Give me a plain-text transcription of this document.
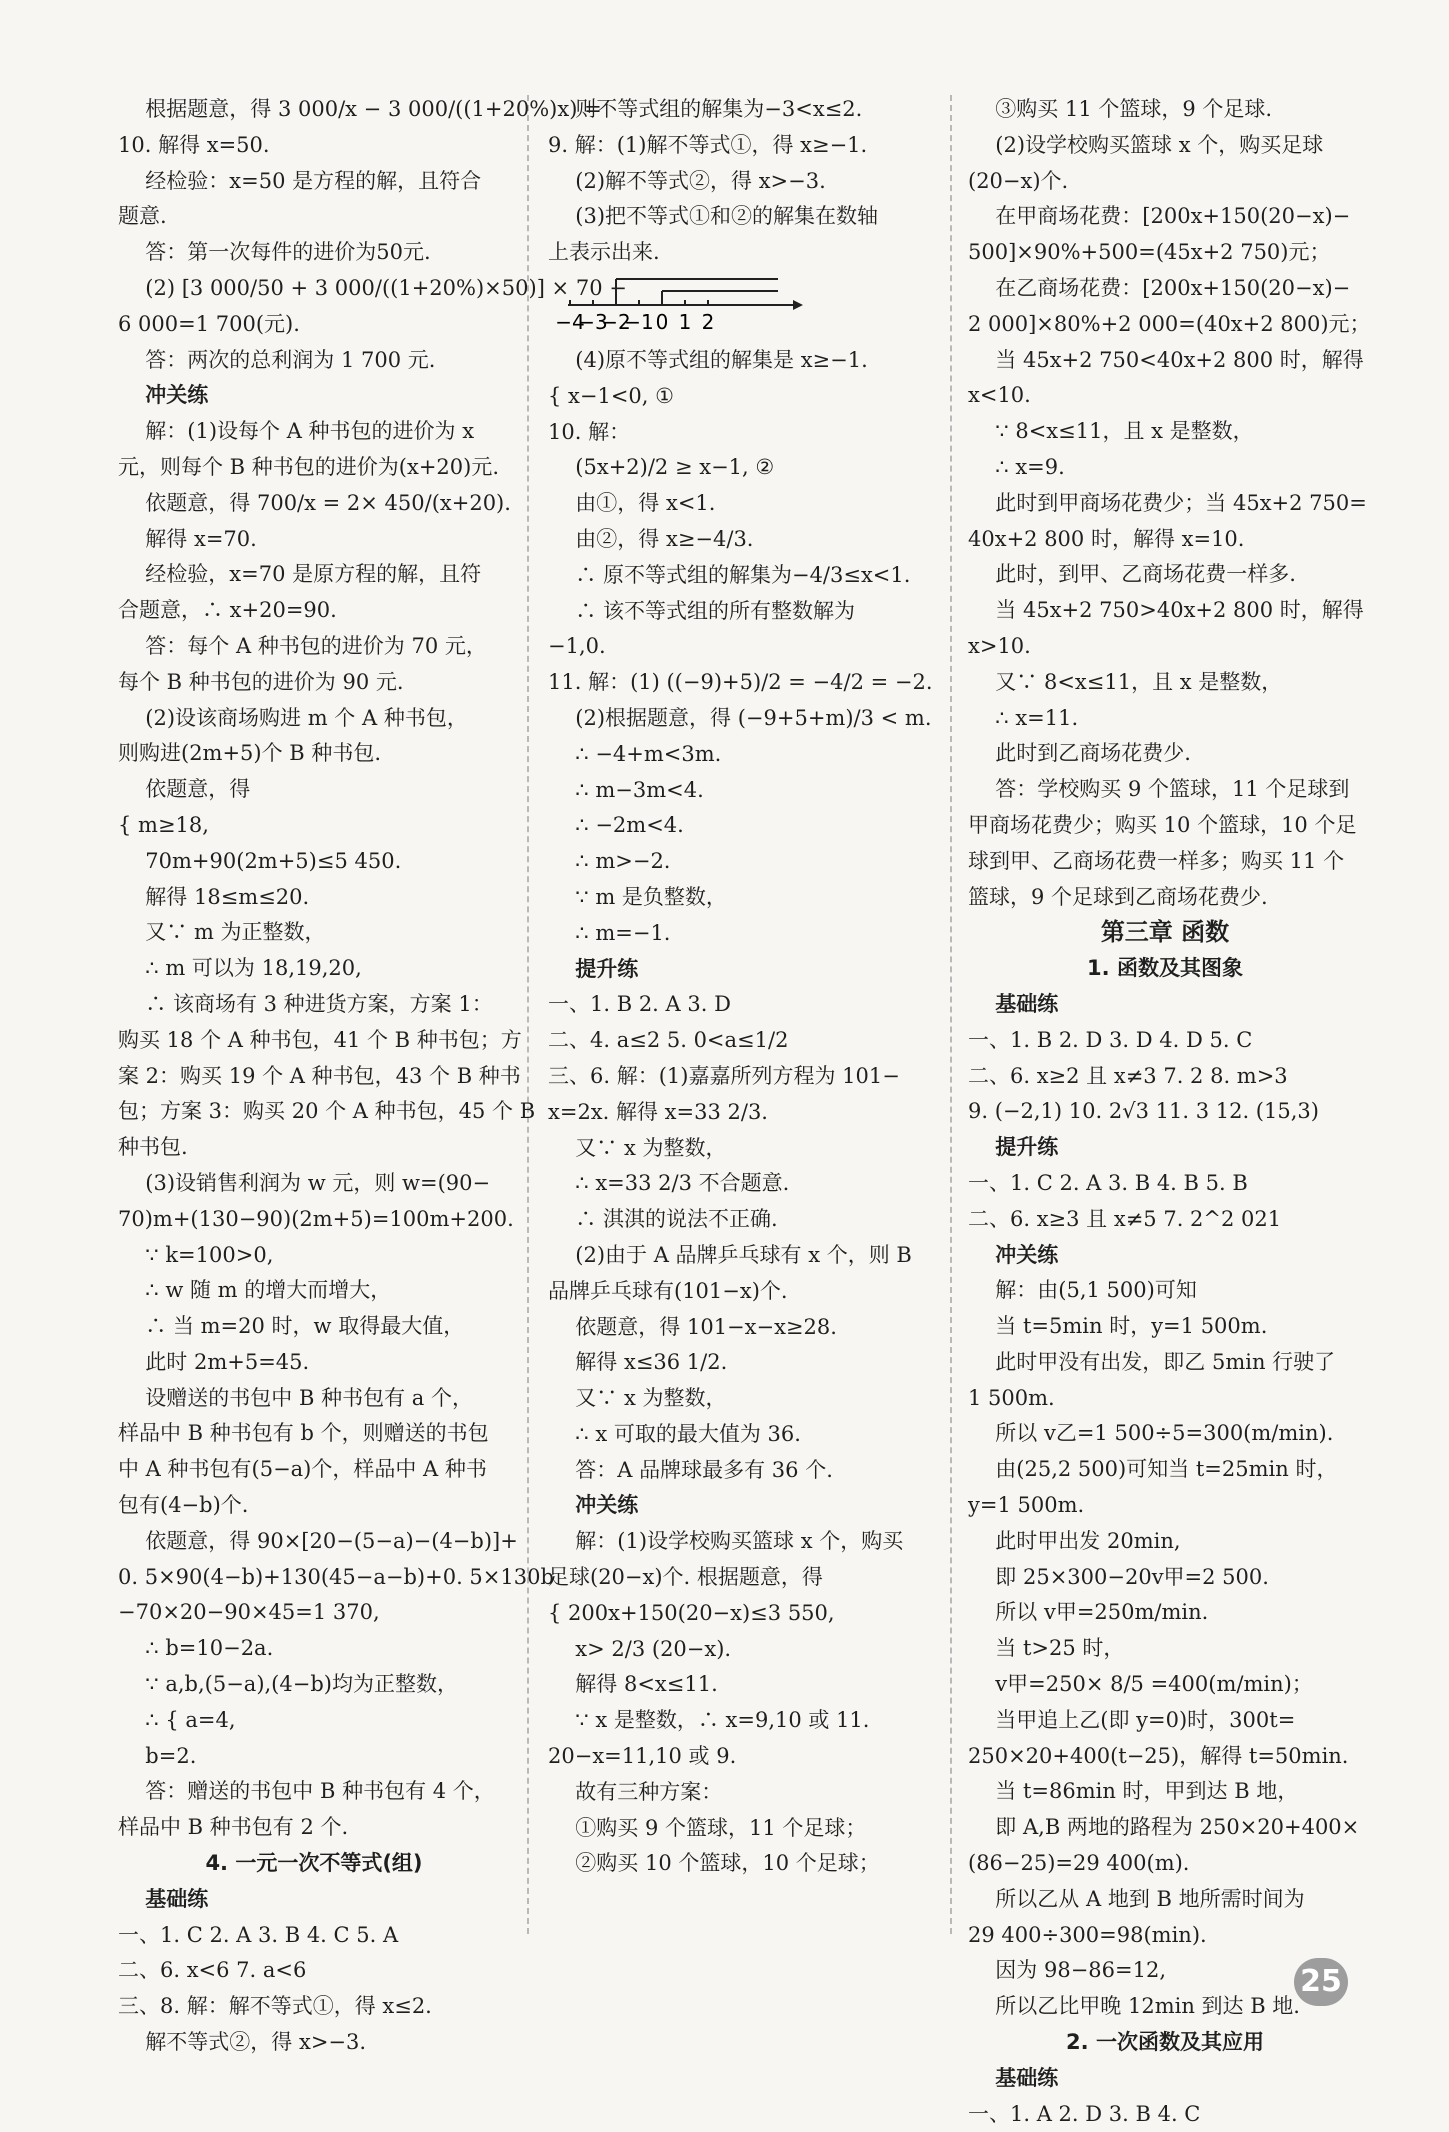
根据题意，得 3 000/x − 3 000/((1+20%)x) =
10. 解得 x=50.
经检验：x=50 是方程的解，且符合
题意.
答：第一次每件的进价为50元.
(2) [3 000/50 + 3 000/((1+20%)×50)] × 70 −
6 000=1 700(元).
答：两次的总利润为 1 700 元.
冲关练
解：(1)设每个 A 种书包的进价为 x
元，则每个 B 种书包的进价为(x+20)元.
依题意，得 700/x = 2× 450/(x+20).
解得 x=70.
经检验，x=70 是原方程的解，且符
合题意，∴ x+20=90.
答：每个 A 种书包的进价为 70 元，
每个 B 种书包的进价为 90 元.
(2)设该商场购进 m 个 A 种书包，
则购进(2m+5)个 B 种书包.
依题意，得
{ m≥18,
70m+90(2m+5)≤5 450.
解得 18≤m≤20.
又∵ m 为正整数，
∴ m 可以为 18,19,20,
∴ 该商场有 3 种进货方案，方案 1：
购买 18 个 A 种书包，41 个 B 种书包；方
案 2：购买 19 个 A 种书包，43 个 B 种书
包；方案 3：购买 20 个 A 种书包，45 个 B
种书包.
(3)设销售利润为 w 元，则 w=(90−
70)m+(130−90)(2m+5)=100m+200.
∵ k=100>0,
∴ w 随 m 的增大而增大，
∴ 当 m=20 时，w 取得最大值，
此时 2m+5=45.
设赠送的书包中 B 种书包有 a 个，
样品中 B 种书包有 b 个，则赠送的书包
中 A 种书包有(5−a)个，样品中 A 种书
包有(4−b)个.
依题意，得 90×[20−(5−a)−(4−b)]+
0. 5×90(4−b)+130(45−a−b)+0. 5×130b
−70×20−90×45=1 370,
∴ b=10−2a.
∵ a,b,(5−a),(4−b)均为正整数，
∴ { a=4,
b=2.
答：赠送的书包中 B 种书包有 4 个，
样品中 B 种书包有 2 个.
4. 一元一次不等式(组)
基础练
一、1. C 2. A 3. B 4. C 5. A
二、6. x<6 7. a<6
三、8. 解：解不等式①，得 x≤2.
解不等式②，得 x>−3.
则不等式组的解集为−3<x≤2.
9. 解：(1)解不等式①，得 x≥−1.
(2)解不等式②，得 x>−3.
(3)把不等式①和②的解集在数轴
上表示出来.
−4
−3
−2
−1 0 1 2
(4)原不等式组的解集是 x≥−1.
{ x−1<0, ①
10. 解：
(5x+2)/2 ≥ x−1, ②
由①，得 x<1.
由②，得 x≥−4/3.
∴ 原不等式组的解集为−4/3≤x<1.
∴ 该不等式组的所有整数解为
−1,0.
11. 解：(1) ((−9)+5)/2 = −4/2 = −2.
(2)根据题意，得 (−9+5+m)/3 < m.
∴ −4+m<3m.
∴ m−3m<4.
∴ −2m<4.
∴ m>−2.
∵ m 是负整数，
∴ m=−1.
提升练
一、1. B 2. A 3. D
二、4. a≤2 5. 0<a≤1/2
三、6. 解：(1)嘉嘉所列方程为 101−
x=2x. 解得 x=33 2/3.
又∵ x 为整数，
∴ x=33 2/3 不合题意.
∴ 淇淇的说法不正确.
(2)由于 A 品牌乒乓球有 x 个，则 B
品牌乒乓球有(101−x)个.
依题意，得 101−x−x≥28.
解得 x≤36 1/2.
又∵ x 为整数，
∴ x 可取的最大值为 36.
答：A 品牌球最多有 36 个.
冲关练
解：(1)设学校购买篮球 x 个，购买
足球(20−x)个. 根据题意，得
{ 200x+150(20−x)≤3 550,
x> 2/3 (20−x).
解得 8<x≤11.
∵ x 是整数，∴ x=9,10 或 11.
20−x=11,10 或 9.
故有三种方案：
①购买 9 个篮球，11 个足球；
②购买 10 个篮球，10 个足球；
③购买 11 个篮球，9 个足球.
(2)设学校购买篮球 x 个，购买足球
(20−x)个.
在甲商场花费：[200x+150(20−x)−
500]×90%+500=(45x+2 750)元；
在乙商场花费：[200x+150(20−x)−
2 000]×80%+2 000=(40x+2 800)元；
当 45x+2 750<40x+2 800 时，解得
x<10.
∵ 8<x≤11，且 x 是整数，
∴ x=9.
此时到甲商场花费少；当 45x+2 750=
40x+2 800 时，解得 x=10.
此时，到甲、乙商场花费一样多.
当 45x+2 750>40x+2 800 时，解得
x>10.
又∵ 8<x≤11，且 x 是整数，
∴ x=11.
此时到乙商场花费少.
答：学校购买 9 个篮球，11 个足球到
甲商场花费少；购买 10 个篮球，10 个足
球到甲、乙商场花费一样多；购买 11 个
篮球，9 个足球到乙商场花费少.
第三章 函数
1. 函数及其图象
基础练
一、1. B 2. D 3. D 4. D 5. C
二、6. x≥2 且 x≠3 7. 2 8. m>3
9. (−2,1) 10. 2√3 11. 3 12. (15,3)
提升练
一、1. C 2. A 3. B 4. B 5. B
二、6. x≥3 且 x≠5 7. 2^2 021
冲关练
解：由(5,1 500)可知
当 t=5min 时，y=1 500m.
此时甲没有出发，即乙 5min 行驶了
1 500m.
所以 v乙=1 500÷5=300(m/min).
由(25,2 500)可知当 t=25min 时，
y=1 500m.
此时甲出发 20min,
即 25×300−20v甲=2 500.
所以 v甲=250m/min.
当 t>25 时，
v甲=250× 8/5 =400(m/min)；
当甲追上乙(即 y=0)时，300t=
250×20+400(t−25)，解得 t=50min.
当 t=86min 时，甲到达 B 地，
即 A,B 两地的路程为 250×20+400×
(86−25)=29 400(m).
所以乙从 A 地到 B 地所需时间为
29 400÷300=98(min).
因为 98−86=12,
所以乙比甲晚 12min 到达 B 地.
2. 一次函数及其应用
基础练
一、1. A 2. D 3. B 4. C
25
